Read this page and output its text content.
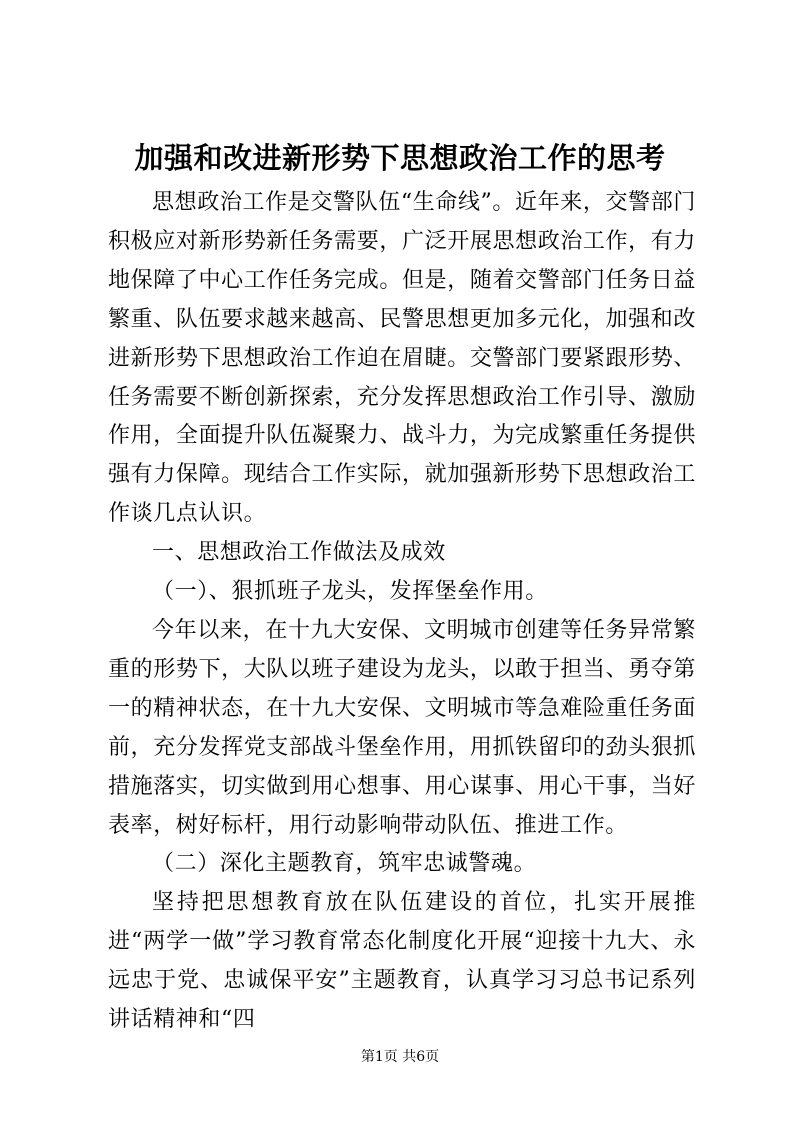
加强和改进新形势下思想政治工作的思考

思想政治工作是交警队伍“生命线”。近年来，交警部门积极应对新形势新任务需要，广泛开展思想政治工作，有力地保障了中心工作任务完成。但是，随着交警部门任务日益繁重、队伍要求越来越高、民警思想更加多元化，加强和改进新形势下思想政治工作迫在眉睫。交警部门要紧跟形势、任务需要不断创新探索，充分发挥思想政治工作引导、激励作用，全面提升队伍凝聚力、战斗力，为完成繁重任务提供强有力保障。现结合工作实际，就加强新形势下思想政治工作谈几点认识。

一、思想政治工作做法及成效

（一）、狠抓班子龙头，发挥堡垒作用。

今年以来，在十九大安保、文明城市创建等任务异常繁重的形势下，大队以班子建设为龙头，以敢于担当、勇夺第一的精神状态，在十九大安保、文明城市等急难险重任务面前，充分发挥党支部战斗堡垒作用，用抓铁留印的劲头狠抓措施落实，切实做到用心想事、用心谋事、用心干事，当好表率，树好标杆，用行动影响带动队伍、推进工作。

（二）深化主题教育，筑牢忠诚警魂。

坚持把思想教育放在队伍建设的首位，扎实开展推进“两学一做”学习教育常态化制度化开展“迎接十九大、永远忠于党、忠诚保平安”主题教育，认真学习习总书记系列讲话精神和“四

第1页 共6页
